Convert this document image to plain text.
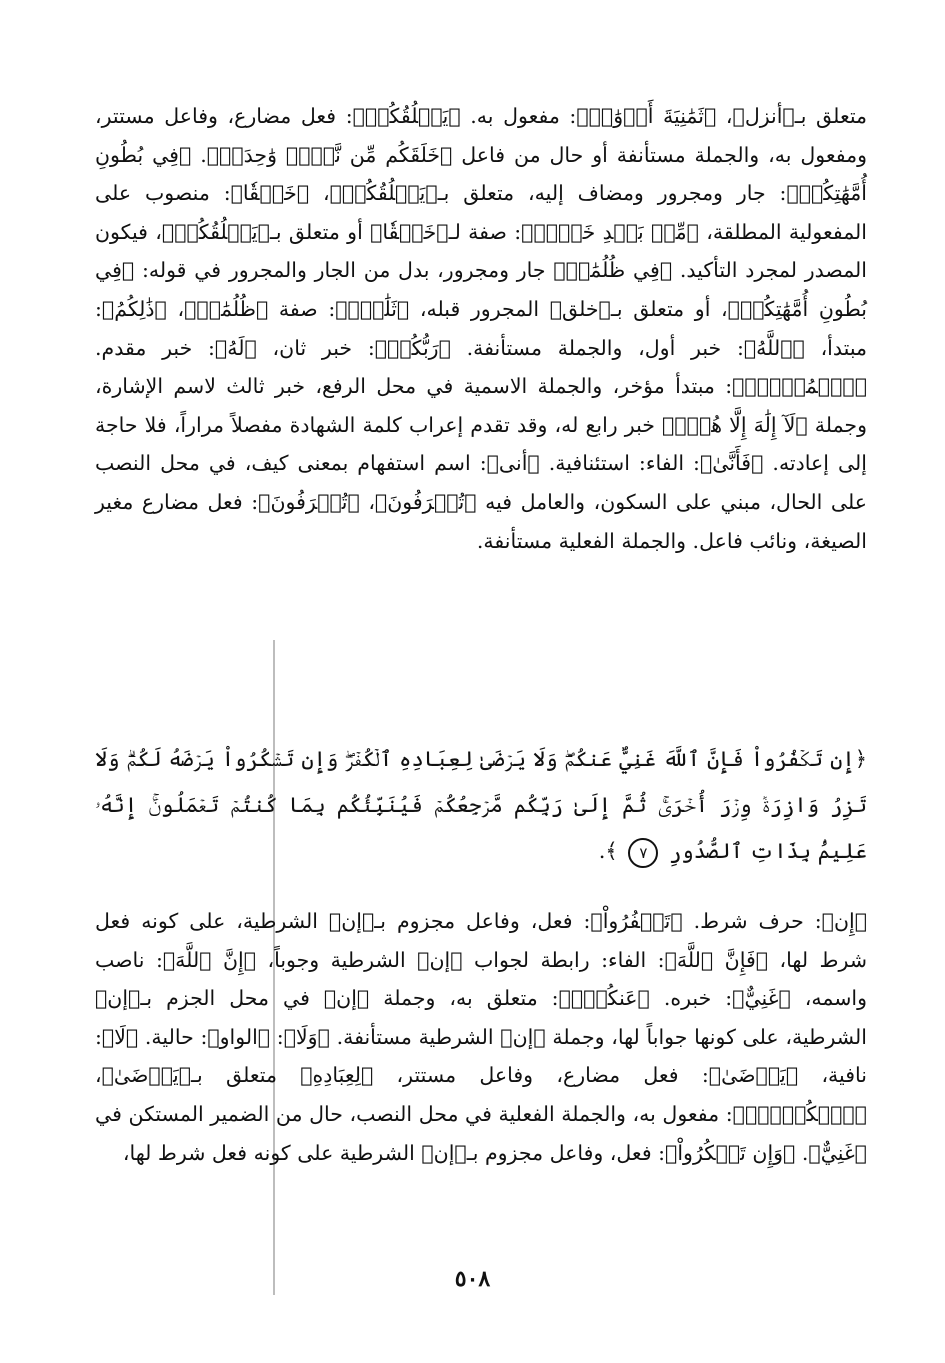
متعلق بـ﴿أنزل﴾، ﴿ثَمَٰنِيَةَ أَزۡوَٰجٖ﴾: مفعول به. ﴿يَخۡلُقُكُمۡ﴾: فعل مضارع، وفاعل مستتر، ومفعول به، والجملة مستأنفة أو حال من فاعل ﴿خَلَقَكُم مِّن نَّفۡسٖ وَٰحِدَةٖ﴾. ﴿فِي بُطُونِ أُمَّهَٰتِكُمۡ﴾: جار ومجرور ومضاف إليه، متعلق بـ﴿يَخۡلُقُكُمۡ﴾، ﴿خَلۡقٗا﴾: منصوب على المفعولية المطلقة، ﴿مِّنۢ بَعۡدِ خَلۡقٖ﴾: صفة لـ﴿خَلۡقٗا﴾ أو متعلق بـ﴿يَخۡلُقُكُمۡ﴾، فيكون المصدر لمجرد التأكيد. ﴿فِي ظُلُمَٰتٖ﴾ جار ومجرور، بدل من الجار والمجرور في قوله: ﴿فِي بُطُونِ أُمَّهَٰتِكُمۡ﴾، أو متعلق بـ﴿خلق﴾ المجرور قبله، ﴿ثَلَٰثٖۚ﴾: صفة ﴿ظُلُمَٰتٖ﴾، ﴿ذَٰلِكُمُ﴾: مبتدأ، ﴿ٱللَّهُ﴾: خبر أول، والجملة مستأنفة. ﴿رَبُّكُمۡ﴾: خبر ثان، ﴿لَهُ﴾: خبر مقدم. ﴿ٱلۡمُلۡكُۖ﴾: مبتدأ مؤخر، والجملة الاسمية في محل الرفع، خبر ثالث لاسم الإشارة، وجملة ﴿لَآ إِلَٰهَ إِلَّا هُوَۖ﴾ خبر رابع له، وقد تقدم إعراب كلمة الشهادة مفصلاً مراراً، فلا حاجة إلى إعادته. ﴿فَأَنَّىٰ﴾: الفاء: استئنافية. ﴿أنى﴾: اسم استفهام بمعنى كيف، في محل النصب على الحال، مبني على السكون، والعامل فيه ﴿تُصۡرَفُونَ﴾، ﴿تُصۡرَفُونَ﴾: فعل مضارع مغير الصيغة، ونائب فاعل. والجملة الفعلية مستأنفة.

﴿إِن تَكۡفُرُواْ فَإِنَّ ٱللَّهَ غَنِيٌّ عَنكُمۡۖ وَلَا يَرۡضَىٰ لِعِبَادِهِ ٱلۡكُفۡرَۖ وَإِن تَشۡكُرُواْ يَرۡضَهُ لَكُمۡۗ وَلَا تَزِرُ وَازِرَةٞ وِزۡرَ أُخۡرَىٰۚ ثُمَّ إِلَىٰ رَبِّكُم مَّرۡجِعُكُمۡ فَيُنَبِّئُكُم بِمَا كُنتُمۡ تَعۡمَلُونَۚ إِنَّهُۥ عَلِيمُۢ بِذَاتِ ٱلصُّدُورِ ٧ ﴾.

﴿إِن﴾: حرف شرط. ﴿تَكۡفُرُواْ﴾: فعل، وفاعل مجزوم بـ﴿إن﴾ الشرطية، على كونه فعل شرط لها، ﴿فَإِنَّ ٱللَّهَ﴾: الفاء: رابطة لجواب ﴿إن﴾ الشرطية وجوباً، ﴿إِنَّ ٱللَّهَ﴾: ناصب واسمه، ﴿غَنِيٌّ﴾: خبره. ﴿عَنكُمۡۖ﴾: متعلق به، وجملة ﴿إن﴾ في محل الجزم بـ﴿إن﴾ الشرطية، على كونها جواباً لها، وجملة ﴿إن﴾ الشرطية مستأنفة. ﴿وَلَا﴾: ﴿الواو﴾: حالية. ﴿لَا﴾: نافية، ﴿يَرۡضَىٰ﴾: فعل مضارع، وفاعل مستتر، ﴿لِعِبَادِهِ﴾ متعلق بـ﴿يَرۡضَىٰ﴾، ﴿ٱلۡكُفۡرَۖ﴾: مفعول به، والجملة الفعلية في محل النصب، حال من الضمير المستكن في ﴿غَنِيٌّ﴾. ﴿وَإِن تَشۡكُرُواْ﴾: فعل، وفاعل مجزوم بـ﴿إن﴾ الشرطية على كونه فعل شرط لها،

٥٠٨
